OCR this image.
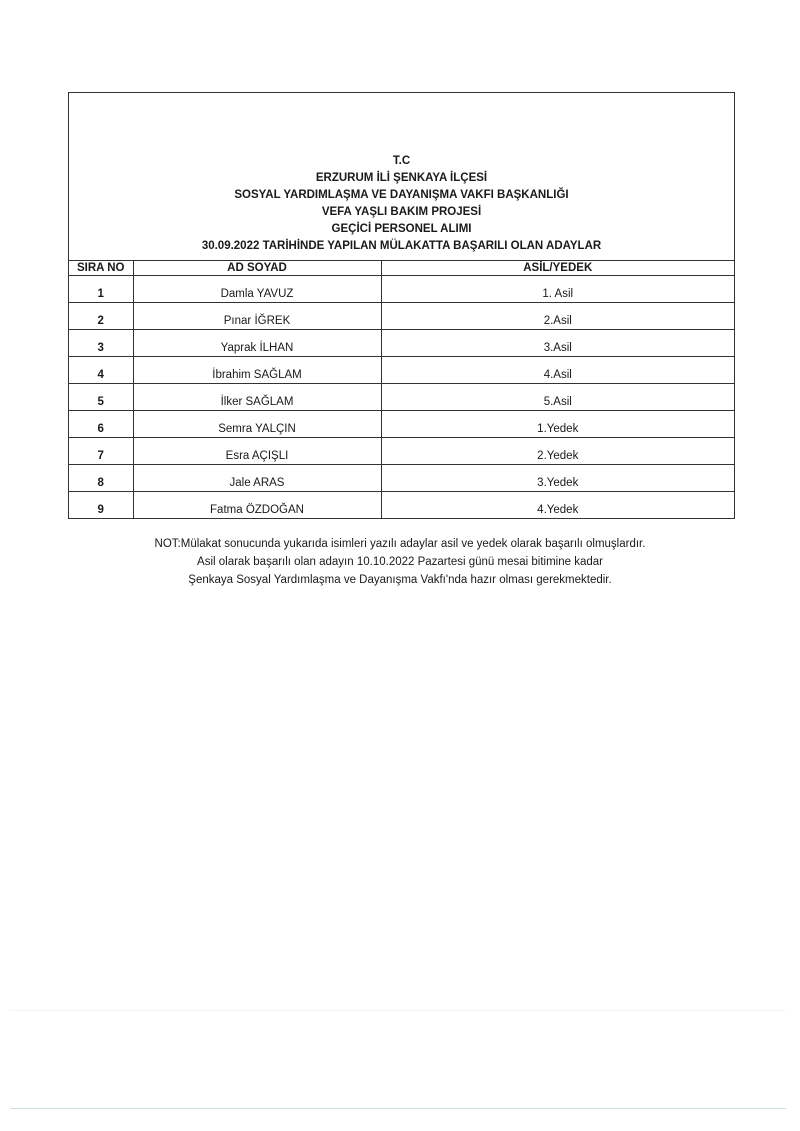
T.C
ERZURUM İLİ ŞENKAYA İLÇESİ
SOSYAL YARDIMLAŞMA VE DAYANIŞMA VAKFI BAŞKANLIĞI
VEFA YAŞLI BAKIM PROJESİ
GEÇİCİ PERSONEL ALIMI
30.09.2022 TARİHİNDE YAPILAN MÜLAKATTA BAŞARILI OLAN ADAYLAR
SIRA NO	AD SOYAD	ASİL/YEDEK
1	Damla YAVUZ	1. Asil
2	Pınar İĞREK	2.Asil
3	Yaprak İLHAN	3.Asil
4	İbrahim SAĞLAM	4.Asil
5	İlker SAĞLAM	5.Asil
6	Semra YALÇIN	1.Yedek
7	Esra AÇIŞLI	2.Yedek
8	Jale ARAS	3.Yedek
9	Fatma ÖZDOĞAN	4.Yedek
NOT:Mülakat sonucunda yukarıda isimleri yazılı adaylar asil ve yedek olarak başarılı olmuşlardır.
Asil olarak başarılı olan adayın 10.10.2022 Pazartesi günü mesai bitimine kadar
Şenkaya Sosyal Yardımlaşma ve Dayanışma Vakfı'nda hazır olması gerekmektedir.
